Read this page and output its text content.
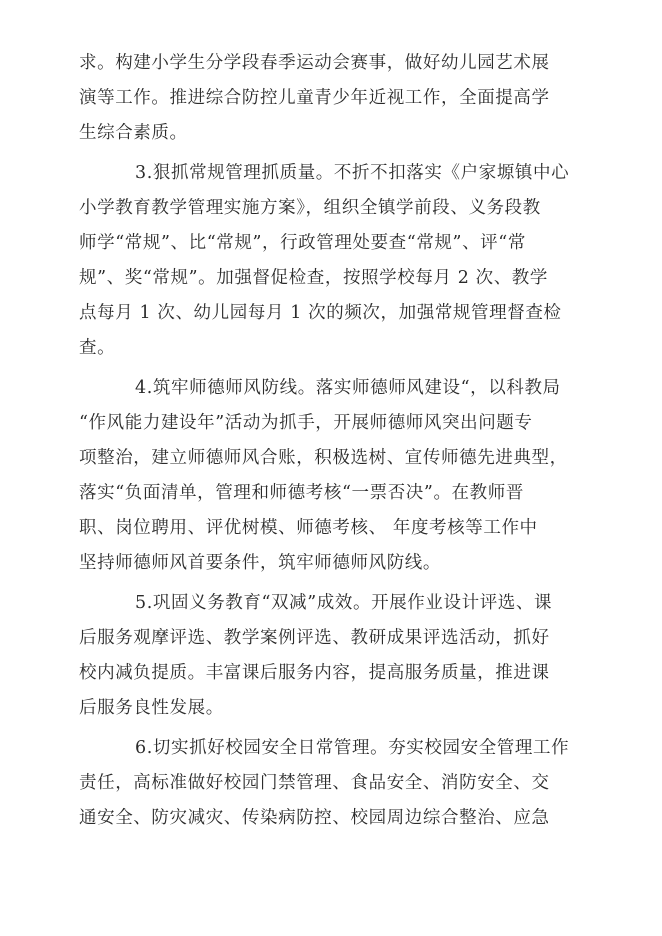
求。构建小学生分学段春季运动会赛事，做好幼儿园艺术展
演等工作。推进综合防控儿童青少年近视工作，全面提高学
生综合素质。
3.狠抓常规管理抓质量。不折不扣落实《户家塬镇中心
小学教育教学管理实施方案》，组织全镇学前段、义务段教
师学“常规”、比“常规”，行政管理处要查“常规”、评“常
规”、奖“常规”。加强督促检查，按照学校每月 2 次、教学
点每月 1 次、幼儿园每月 1 次的频次，加强常规管理督查检
查。
4.筑牢师德师风防线。落实师德师风建设“，以科教局
“作风能力建设年”活动为抓手，开展师德师风突出问题专
项整治，建立师德师风合账，积极选树、宣传师德先进典型，
落实“负面清单，管理和师德考核“一票否决”。在教师晋
职、岗位聘用、评优树模、师德考核、 年度考核等工作中
坚持师德师风首要条件，筑牢师德师风防线。
5.巩固义务教育“双减”成效。开展作业设计评选、课
后服务观摩评选、教学案例评选、教研成果评选活动，抓好
校内减负提质。丰富课后服务内容，提高服务质量，推进课
后服务良性发展。
6.切实抓好校园安全日常管理。夯实校园安全管理工作
责任，高标准做好校园门禁管理、食品安全、消防安全、交
通安全、防灾减灾、传染病防控、校园周边综合整治、应急
